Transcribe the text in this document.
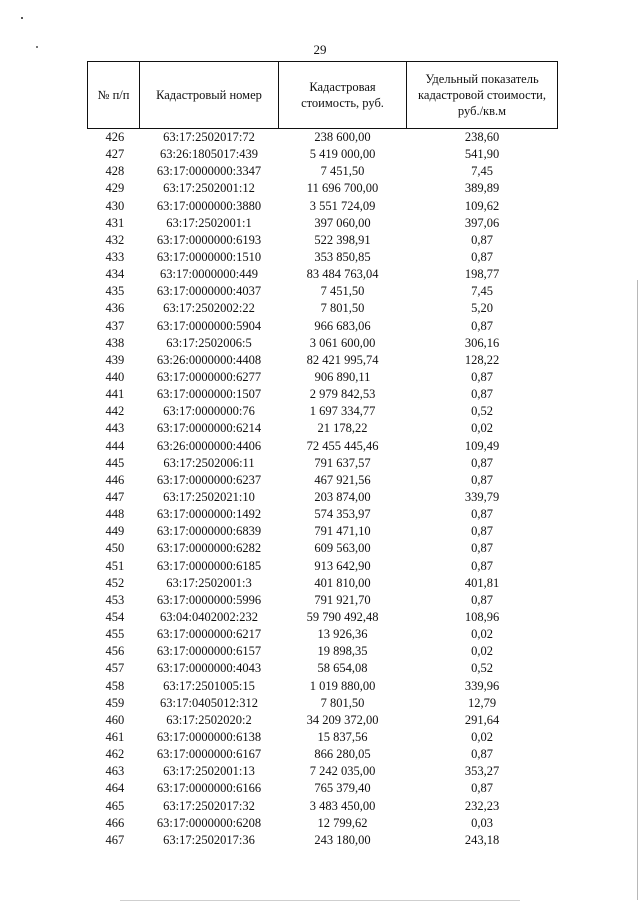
29
№ п/п	Кадастровый номер	Кадастровая стоимость, руб.	Удельный показатель кадастровой стоимости, руб./кв.м
426	63:17:2502017:72	238 600,00	238,60
427	63:26:1805017:439	5 419 000,00	541,90
428	63:17:0000000:3347	7 451,50	7,45
429	63:17:2502001:12	11 696 700,00	389,89
430	63:17:0000000:3880	3 551 724,09	109,62
431	63:17:2502001:1	397 060,00	397,06
432	63:17:0000000:6193	522 398,91	0,87
433	63:17:0000000:1510	353 850,85	0,87
434	63:17:0000000:449	83 484 763,04	198,77
435	63:17:0000000:4037	7 451,50	7,45
436	63:17:2502002:22	7 801,50	5,20
437	63:17:0000000:5904	966 683,06	0,87
438	63:17:2502006:5	3 061 600,00	306,16
439	63:26:0000000:4408	82 421 995,74	128,22
440	63:17:0000000:6277	906 890,11	0,87
441	63:17:0000000:1507	2 979 842,53	0,87
442	63:17:0000000:76	1 697 334,77	0,52
443	63:17:0000000:6214	21 178,22	0,02
444	63:26:0000000:4406	72 455 445,46	109,49
445	63:17:2502006:11	791 637,57	0,87
446	63:17:0000000:6237	467 921,56	0,87
447	63:17:2502021:10	203 874,00	339,79
448	63:17:0000000:1492	574 353,97	0,87
449	63:17:0000000:6839	791 471,10	0,87
450	63:17:0000000:6282	609 563,00	0,87
451	63:17:0000000:6185	913 642,90	0,87
452	63:17:2502001:3	401 810,00	401,81
453	63:17:0000000:5996	791 921,70	0,87
454	63:04:0402002:232	59 790 492,48	108,96
455	63:17:0000000:6217	13 926,36	0,02
456	63:17:0000000:6157	19 898,35	0,02
457	63:17:0000000:4043	58 654,08	0,52
458	63:17:2501005:15	1 019 880,00	339,96
459	63:17:0405012:312	7 801,50	12,79
460	63:17:2502020:2	34 209 372,00	291,64
461	63:17:0000000:6138	15 837,56	0,02
462	63:17:0000000:6167	866 280,05	0,87
463	63:17:2502001:13	7 242 035,00	353,27
464	63:17:0000000:6166	765 379,40	0,87
465	63:17:2502017:32	3 483 450,00	232,23
466	63:17:0000000:6208	12 799,62	0,03
467	63:17:2502017:36	243 180,00	243,18
